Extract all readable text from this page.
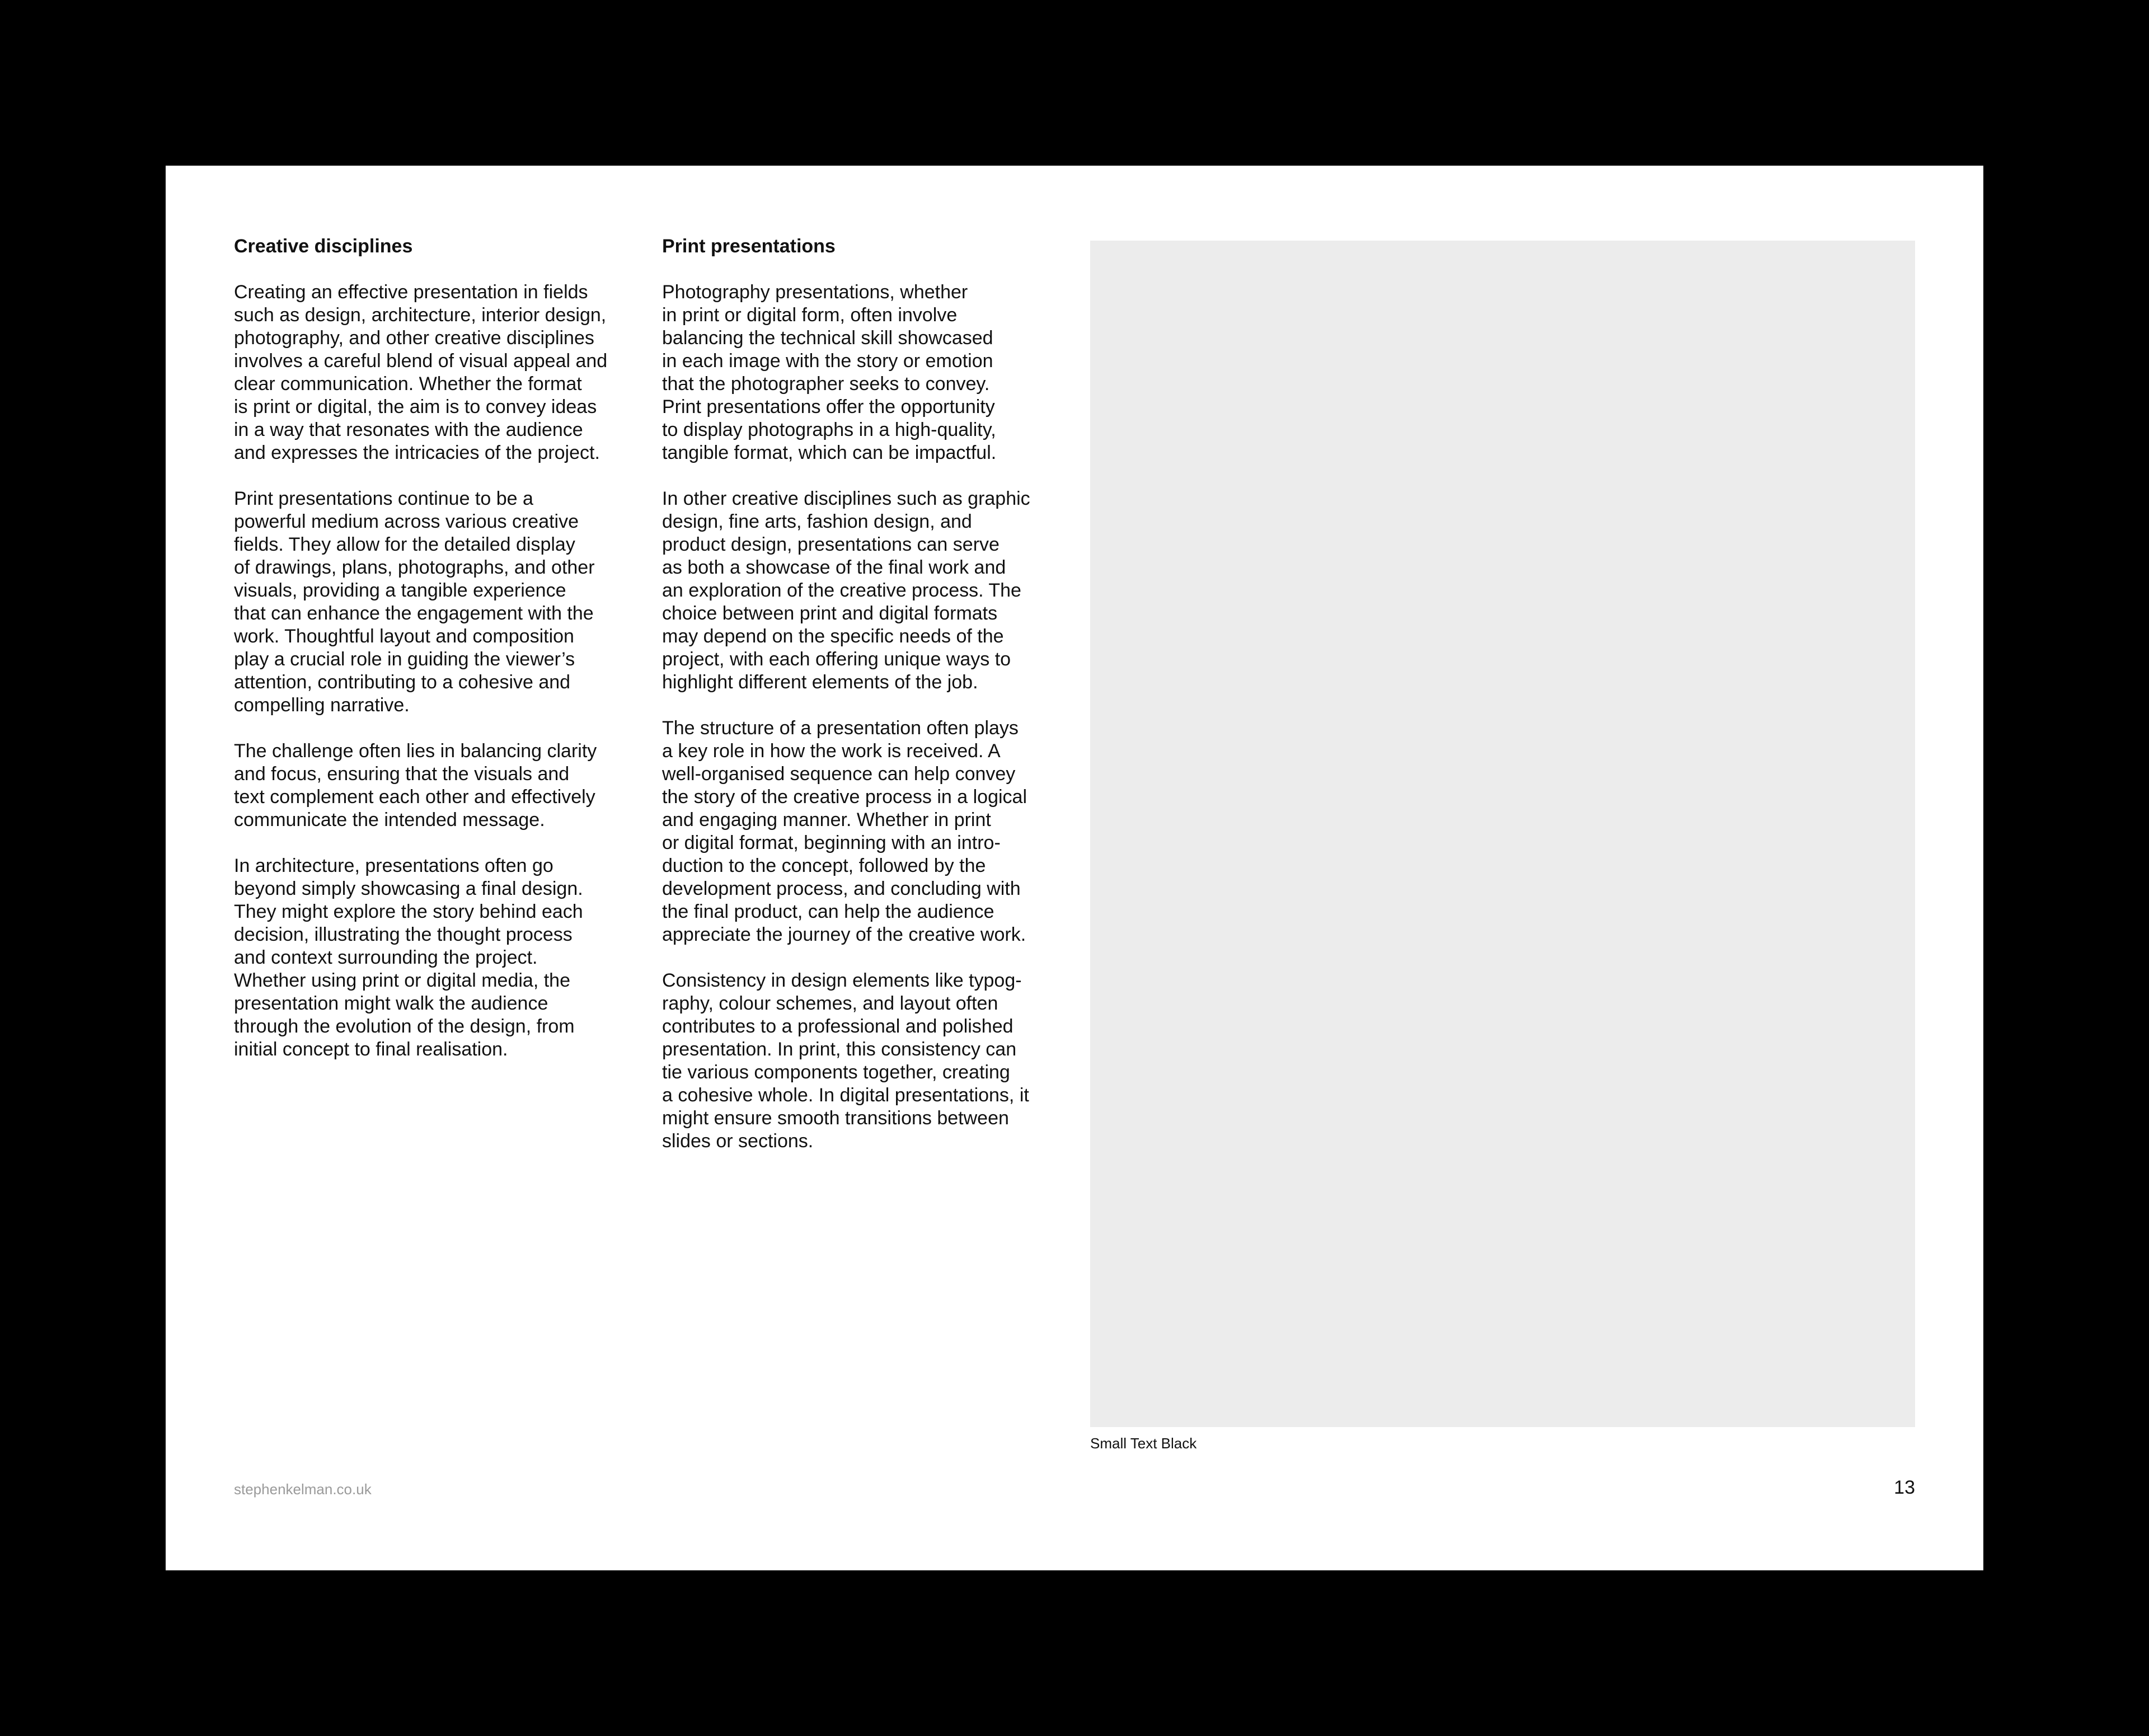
Creative disciplines

Creating an effective presentation in fields
such as design, architecture, interior design,
photography, and other creative disciplines
involves a careful blend of visual appeal and
clear communication. Whether the format
is print or digital, the aim is to convey ideas
in a way that resonates with the audience
and expresses the intricacies of the project.

Print presentations continue to be a
powerful medium across various creative
fields. They allow for the detailed display
of drawings, plans, photographs, and other
visuals, providing a tangible experience
that can enhance the engagement with the
work. Thoughtful layout and composition
play a crucial role in guiding the viewer’s
attention, contributing to a cohesive and
compelling narrative.

The challenge often lies in balancing clarity
and focus, ensuring that the visuals and
text complement each other and effectively
communicate the intended message.

In architecture, presentations often go
beyond simply showcasing a final design.
They might explore the story behind each
decision, illustrating the thought process
and context surrounding the project.
Whether using print or digital media, the
presentation might walk the audience
through the evolution of the design, from
initial concept to final realisation.

Print presentations

Photography presentations, whether
in print or digital form, often involve
balancing the technical skill showcased
in each image with the story or emotion
that the photographer seeks to convey.
Print presentations offer the opportunity
to display photographs in a high-quality,
tangible format, which can be impactful.

In other creative disciplines such as graphic
design, fine arts, fashion design, and
product design, presentations can serve
as both a showcase of the final work and
an exploration of the creative process. The
choice between print and digital formats
may depend on the specific needs of the
project, with each offering unique ways to
highlight different elements of the job.

The structure of a presentation often plays
a key role in how the work is received. A
well-organised sequence can help convey
the story of the creative process in a logical
and engaging manner. Whether in print
or digital format, beginning with an intro-
duction to the concept, followed by the
development process, and concluding with
the final product, can help the audience
appreciate the journey of the creative work.

Consistency in design elements like typog-
raphy, colour schemes, and layout often
contributes to a professional and polished
presentation. In print, this consistency can
tie various components together, creating
a cohesive whole. In digital presentations, it
might ensure smooth transitions between
slides or sections.

Small Text Black
stephenkelman.co.uk	13
